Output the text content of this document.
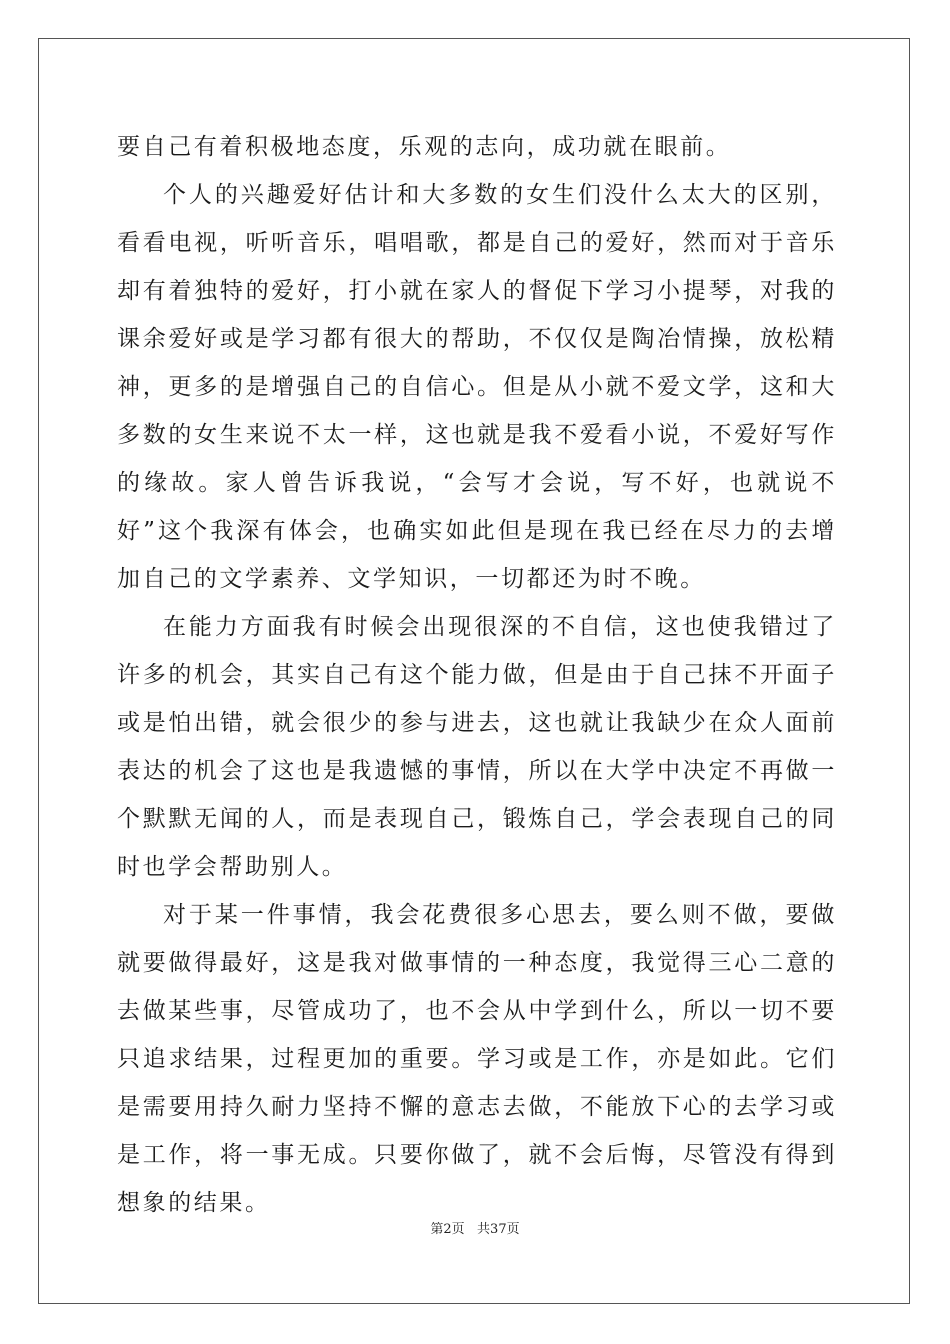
要自己有着积极地态度，乐观的志向，成功就在眼前。

个人的兴趣爱好估计和大多数的女生们没什么太大的区别，看看电视，听听音乐，唱唱歌，都是自己的爱好，然而对于音乐却有着独特的爱好，打小就在家人的督促下学习小提琴，对我的课余爱好或是学习都有很大的帮助，不仅仅是陶冶情操，放松精神，更多的是增强自己的自信心。但是从小就不爱文学，这和大多数的女生来说不太一样，这也就是我不爱看小说，不爱好写作的缘故。家人曾告诉我说，“会写才会说，写不好，也就说不好”这个我深有体会，也确实如此但是现在我已经在尽力的去增加自己的文学素养、文学知识，一切都还为时不晚。

在能力方面我有时候会出现很深的不自信，这也使我错过了许多的机会，其实自己有这个能力做，但是由于自己抹不开面子或是怕出错，就会很少的参与进去，这也就让我缺少在众人面前表达的机会了这也是我遗憾的事情，所以在大学中决定不再做一个默默无闻的人，而是表现自己，锻炼自己，学会表现自己的同时也学会帮助别人。

对于某一件事情，我会花费很多心思去，要么则不做，要做就要做得最好，这是我对做事情的一种态度，我觉得三心二意的去做某些事，尽管成功了，也不会从中学到什么，所以一切不要只追求结果，过程更加的重要。学习或是工作，亦是如此。它们是需要用持久耐力坚持不懈的意志去做，不能放下心的去学习或是工作，将一事无成。只要你做了，就不会后悔，尽管没有得到想象的结果。

第2页   共37页
